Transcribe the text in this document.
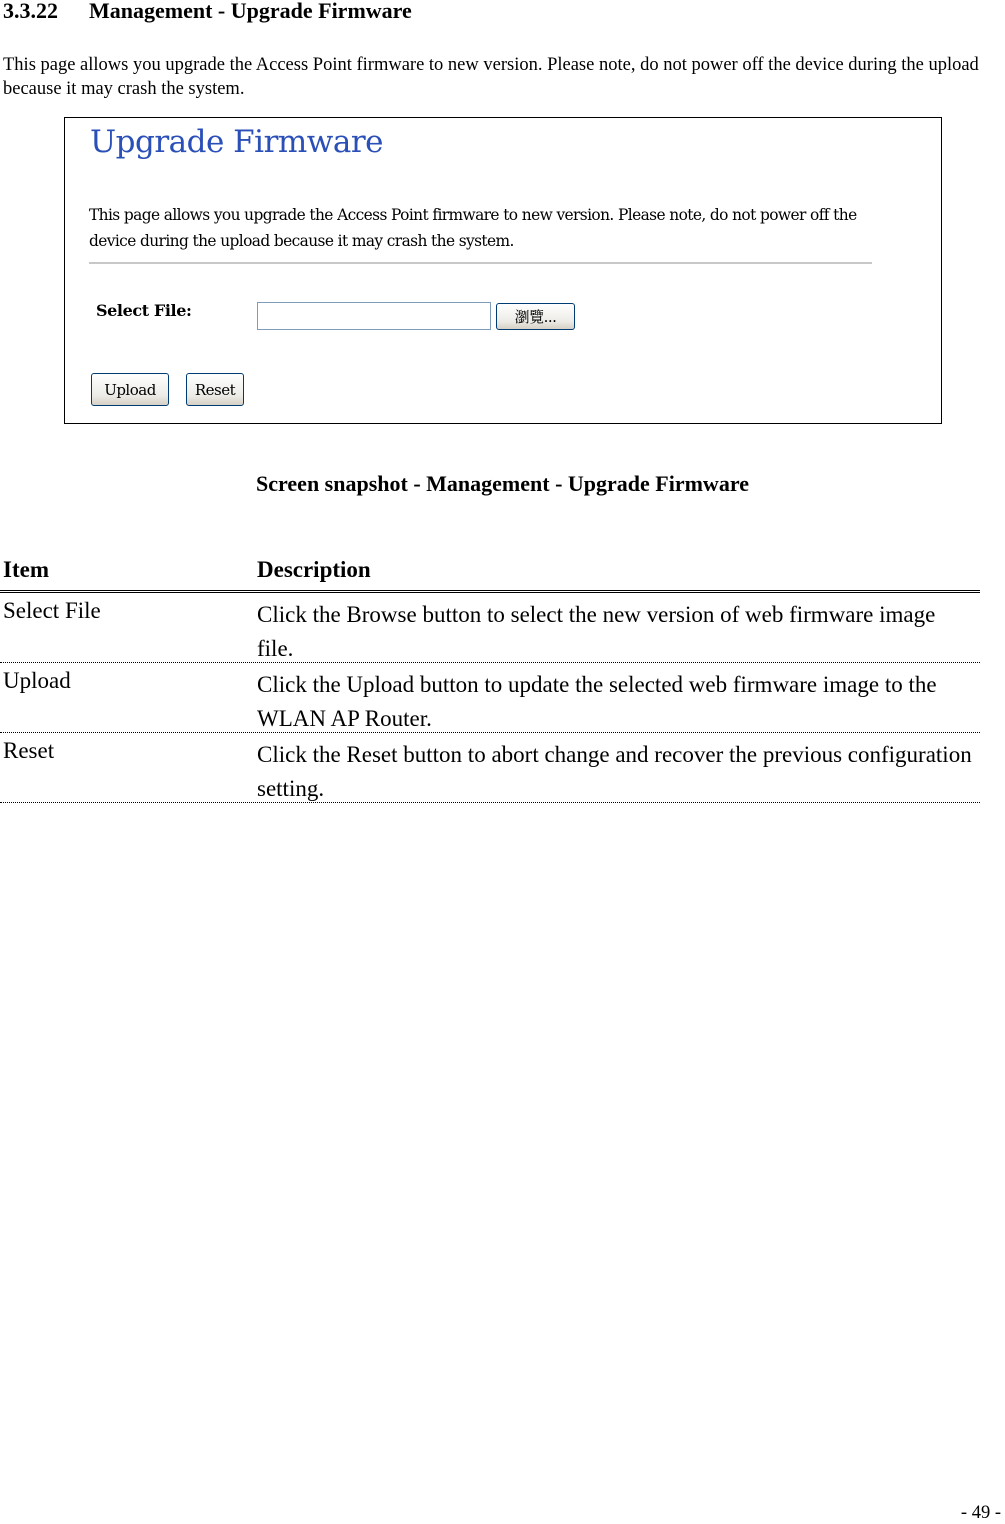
3.3.22 Management - Upgrade Firmware

This page allows you upgrade the Access Point firmware to new version. Please note, do not power off the device during the upload because it may crash the system.

Upgrade Firmware
This page allows you upgrade the Access Point firmware to new version. Please note, do not power off the device during the upload because it may crash the system.
Select File:	瀏覽...
Upload	Reset
Screen snapshot - Management - Upgrade Firmware
Item	Description
Select File	Click the Browse button to select the new version of web firmware image file.
Upload	Click the Upload button to update the selected web firmware image to the WLAN AP Router.
Reset	Click the Reset button to abort change and recover the previous configuration setting.
- 49 -
